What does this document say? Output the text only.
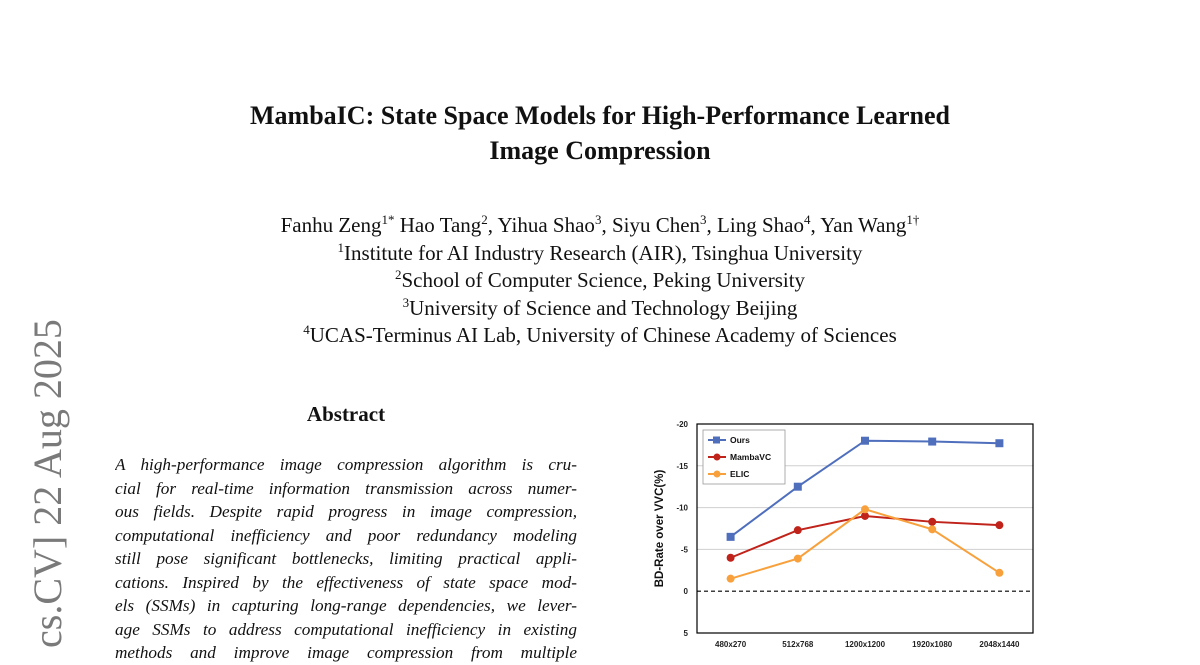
MambaIC: State Space Models for High-Performance Learned
Image Compression
Fanhu Zeng$^{1*}$ Hao Tang$^2$, Yihua Shao$^3$, Siyu Chen$^3$, Ling Shao$^4$, Yan Wang$^{1\dagger}$
$^1$Institute for AI Industry Research (AIR), Tsinghua University
$^2$School of Computer Science, Peking University
$^3$University of Science and Technology Beijing
$^4$UCAS-Terminus AI Lab, University of Chinese Academy of Sciences
cs.CV] 22 Aug 2025	Abstract
A high-performance image compression algorithm is cru-
cial for real-time information transmission across numer-
ous fields. Despite rapid progress in image compression,
computational inefficiency and poor redundancy modeling
still pose significant bottlenecks, limiting practical appli-
cations. Inspired by the effectiveness of state space mod-
els (SSMs) in capturing long-range dependencies, we lever-
age SSMs to address computational inefficiency in existing
methods and improve image compression from multiple
-20
-15
-10
-5
0
5
480x270	512x768	1200x1200	1920x1080	2048x1440
BD-Rate over VVC(%)
Ours
MambaVC
ELIC
